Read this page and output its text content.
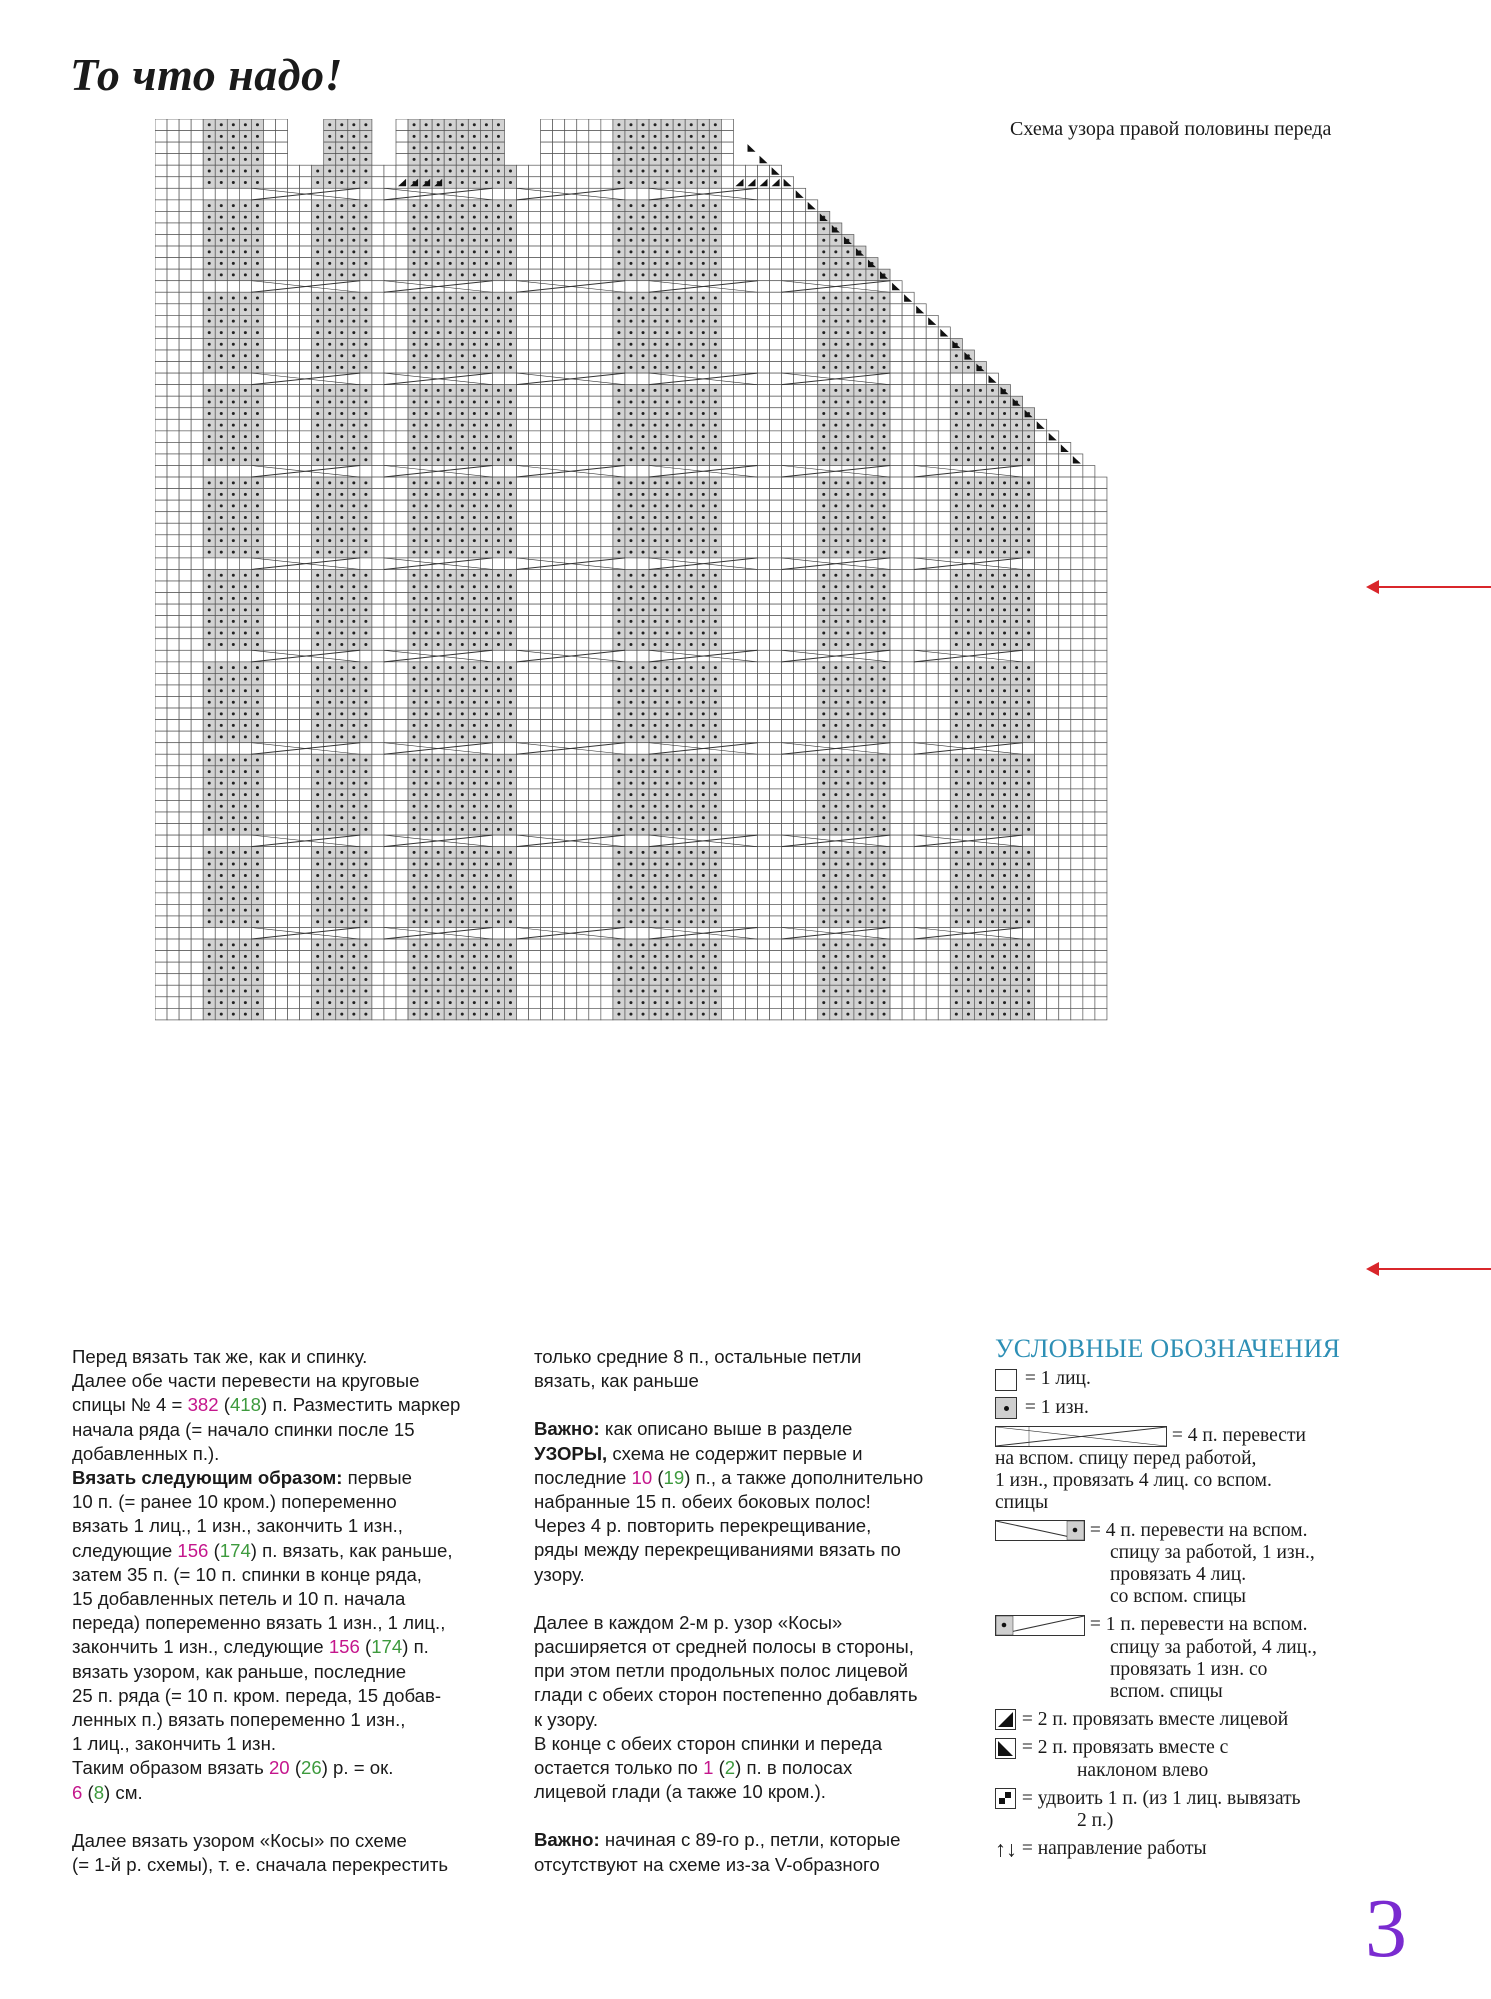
То что надо!
Схема узора правой половины переда

Перед вязать так же, как и спинку.

Далее обе части перевести на круговые

спицы № 4 = 382 (418) п. Разместить маркер

начала ряда (= начало спинки после 15

добавленных п.).

Вязать следующим образом: первые

10 п. (= ранее 10 кром.) попеременно

вязать 1 лиц., 1 изн., закончить 1 изн.,

следующие 156 (174) п. вязать, как раньше,

затем 35 п. (= 10 п. спинки в конце ряда,

15 добавленных петель и 10 п. начала

переда) попеременно вязать 1 изн., 1 лиц.,

закончить 1 изн., следующие 156 (174) п.

вязать узором, как раньше, последние

25 п. ряда (= 10 п. кром. переда, 15 добав-

ленных п.) вязать попеременно 1 изн.,

1 лиц., закончить 1 изн.

Таким образом вязать 20 (26) р. = ок.

6 (8) см.

Далее вязать узором «Косы» по схеме

(= 1-й р. схемы), т. е. сначала перекрестить

только средние 8 п., остальные петли

вязать, как раньше

Важно: как описано выше в разделе

УЗОРЫ, схема не содержит первые и

последние 10 (19) п., а также дополнительно

набранные 15 п. обеих боковых полос!

Через 4 р. повторить перекрещивание,

ряды между перекрещиваниями вязать по

узору.

Далее в каждом 2-м р. узор «Косы»

расширяется от средней полосы в стороны,

при этом петли продольных полос лицевой

глади с обеих сторон постепенно добавлять

к узору.

В конце с обеих сторон спинки и переда

остается только по 1 (2) п. в полосах

лицевой глади (а также 10 кром.).

Важно: начиная с 89-го р., петли, которые

отсутствуют на схеме из-за V-образного

УСЛОВНЫЕ ОБОЗНАЧЕНИЯ
= 1 лиц.
= 1 изн.
= 4 п. перевести
на вспом. спицу перед работой,
1 изн., провязать 4 лиц. со вспом.
спицы
= 4 п. перевести на вспом.
спицу за работой, 1 изн.,
провязать 4 лиц.
со вспом. спицы
= 1 п. перевести на вспом.
спицу за работой, 4 лиц.,
провязать 1 изн. со
вспом. спицы
= 2 п. провязать вместе лицевой
= 2 п. провязать вместе с
наклоном влево
= удвоить 1 п. (из 1 лиц. вывязать
2 п.)
↑↓ = направление работы
3
